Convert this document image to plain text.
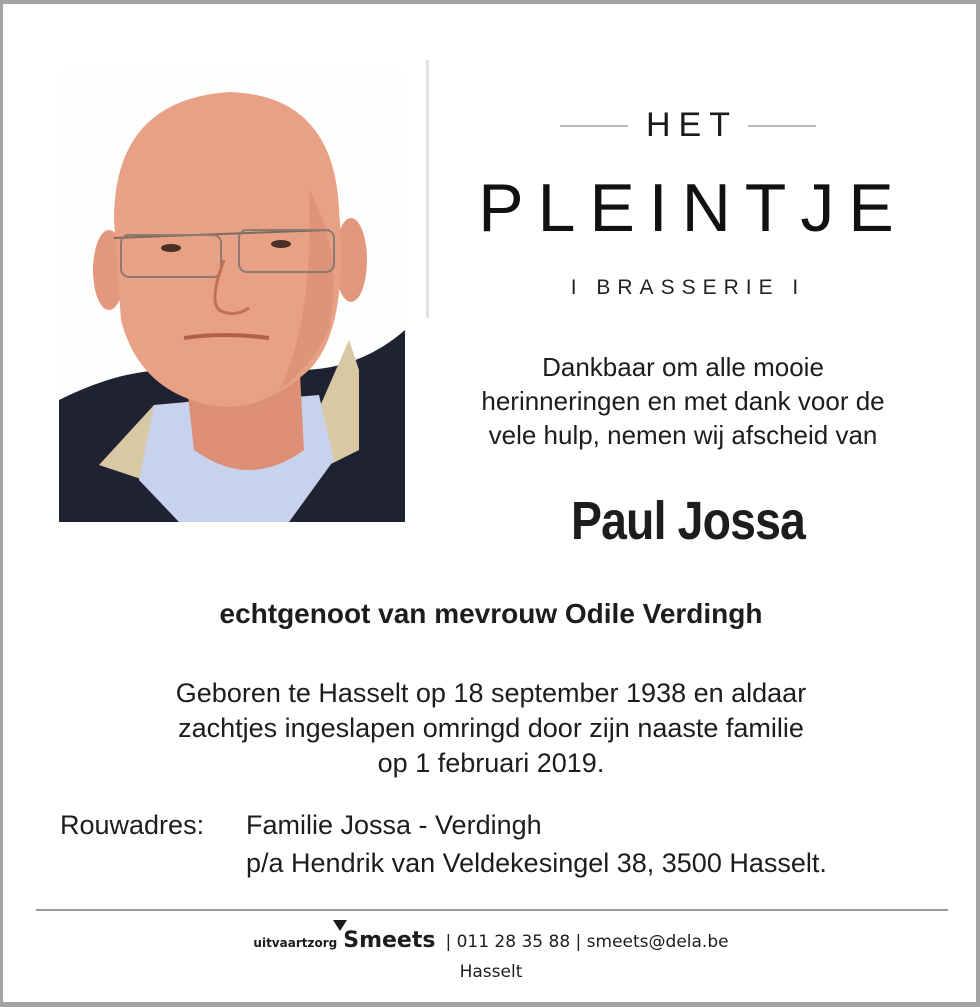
HET
PLEINTJE
I BRASSERIE I
Dankbaar om alle mooie
herinneringen en met dank voor de
vele hulp, nemen wij afscheid van
Paul Jossa
echtgenoot van mevrouw Odile Verdingh
Geboren te Hasselt op 18 september 1938 en aldaar
zachtjes ingeslapen omringd door zijn naaste familie
op 1 februari 2019.
Rouwadres:	Familie Jossa - Verdingh
p/a Hendrik van Veldekesingel 38, 3500 Hasselt.
uitvaartzorg Smeets | 011 28 35 88 | smeets@dela.be
Hasselt
